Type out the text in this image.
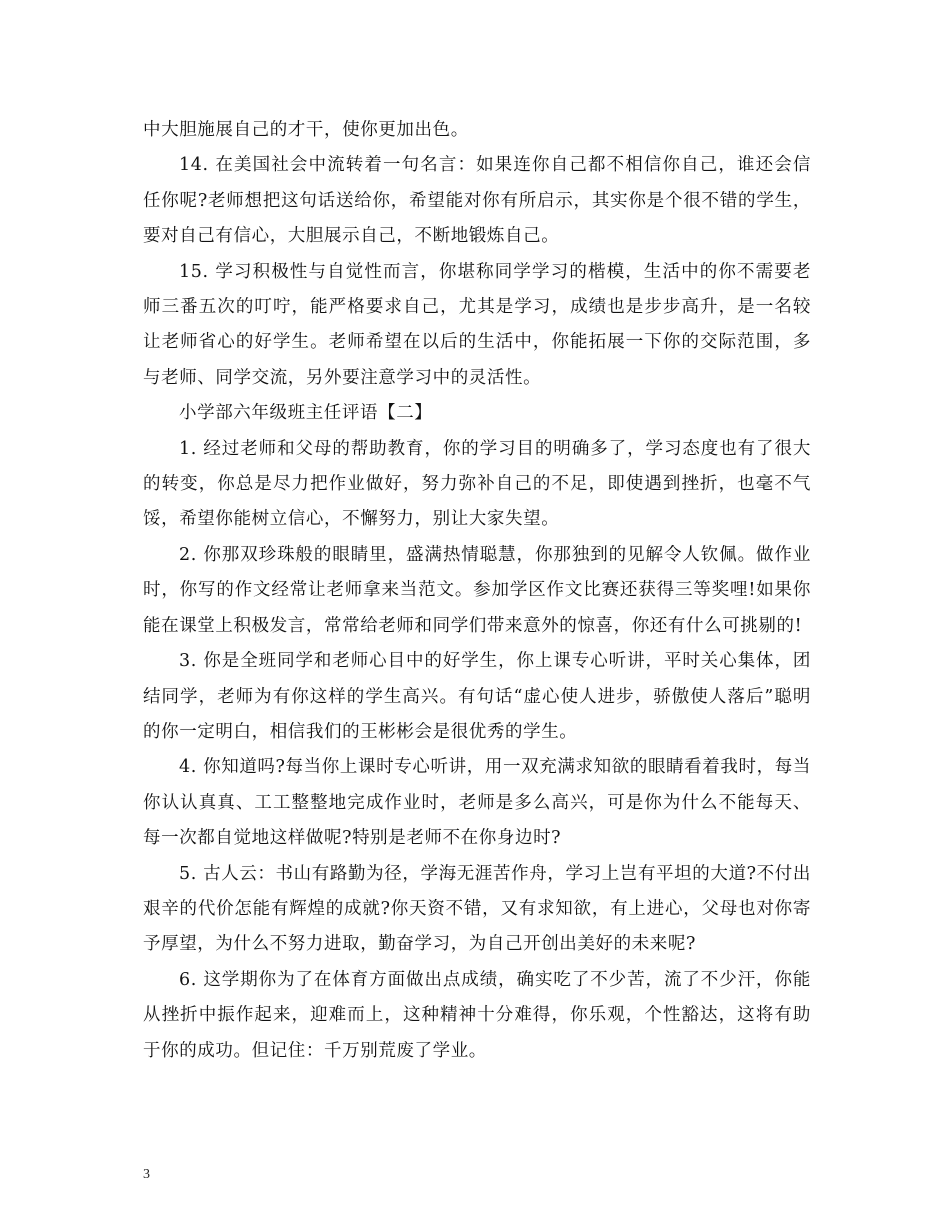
中大胆施展自己的才干，使你更加出色。

14. 在美国社会中流转着一句名言：如果连你自己都不相信你自己，谁还会信任你呢?老师想把这句话送给你，希望能对你有所启示，其实你是个很不错的学生，要对自己有信心，大胆展示自己，不断地锻炼自己。

15. 学习积极性与自觉性而言，你堪称同学学习的楷模，生活中的你不需要老师三番五次的叮咛，能严格要求自己，尤其是学习，成绩也是步步高升，是一名较让老师省心的好学生。老师希望在以后的生活中，你能拓展一下你的交际范围，多与老师、同学交流，另外要注意学习中的灵活性。

小学部六年级班主任评语【二】

1. 经过老师和父母的帮助教育，你的学习目的明确多了，学习态度也有了很大的转变，你总是尽力把作业做好，努力弥补自己的不足，即使遇到挫折，也毫不气馁，希望你能树立信心，不懈努力，别让大家失望。

2. 你那双珍珠般的眼睛里，盛满热情聪慧，你那独到的见解令人钦佩。做作业时，你写的作文经常让老师拿来当范文。参加学区作文比赛还获得三等奖哩!如果你能在课堂上积极发言，常常给老师和同学们带来意外的惊喜，你还有什么可挑剔的!

3. 你是全班同学和老师心目中的好学生，你上课专心听讲，平时关心集体，团结同学，老师为有你这样的学生高兴。有句话“虚心使人进步，骄傲使人落后”聪明的你一定明白，相信我们的王彬彬会是很优秀的学生。

4. 你知道吗?每当你上课时专心听讲，用一双充满求知欲的眼睛看着我时，每当你认认真真、工工整整地完成作业时，老师是多么高兴，可是你为什么不能每天、每一次都自觉地这样做呢?特别是老师不在你身边时?

5. 古人云：书山有路勤为径，学海无涯苦作舟，学习上岂有平坦的大道?不付出艰辛的代价怎能有辉煌的成就?你天资不错，又有求知欲，有上进心，父母也对你寄予厚望，为什么不努力进取，勤奋学习，为自己开创出美好的未来呢?

6. 这学期你为了在体育方面做出点成绩，确实吃了不少苦，流了不少汗，你能从挫折中振作起来，迎难而上，这种精神十分难得，你乐观，个性豁达，这将有助于你的成功。但记住：千万别荒废了学业。

3
